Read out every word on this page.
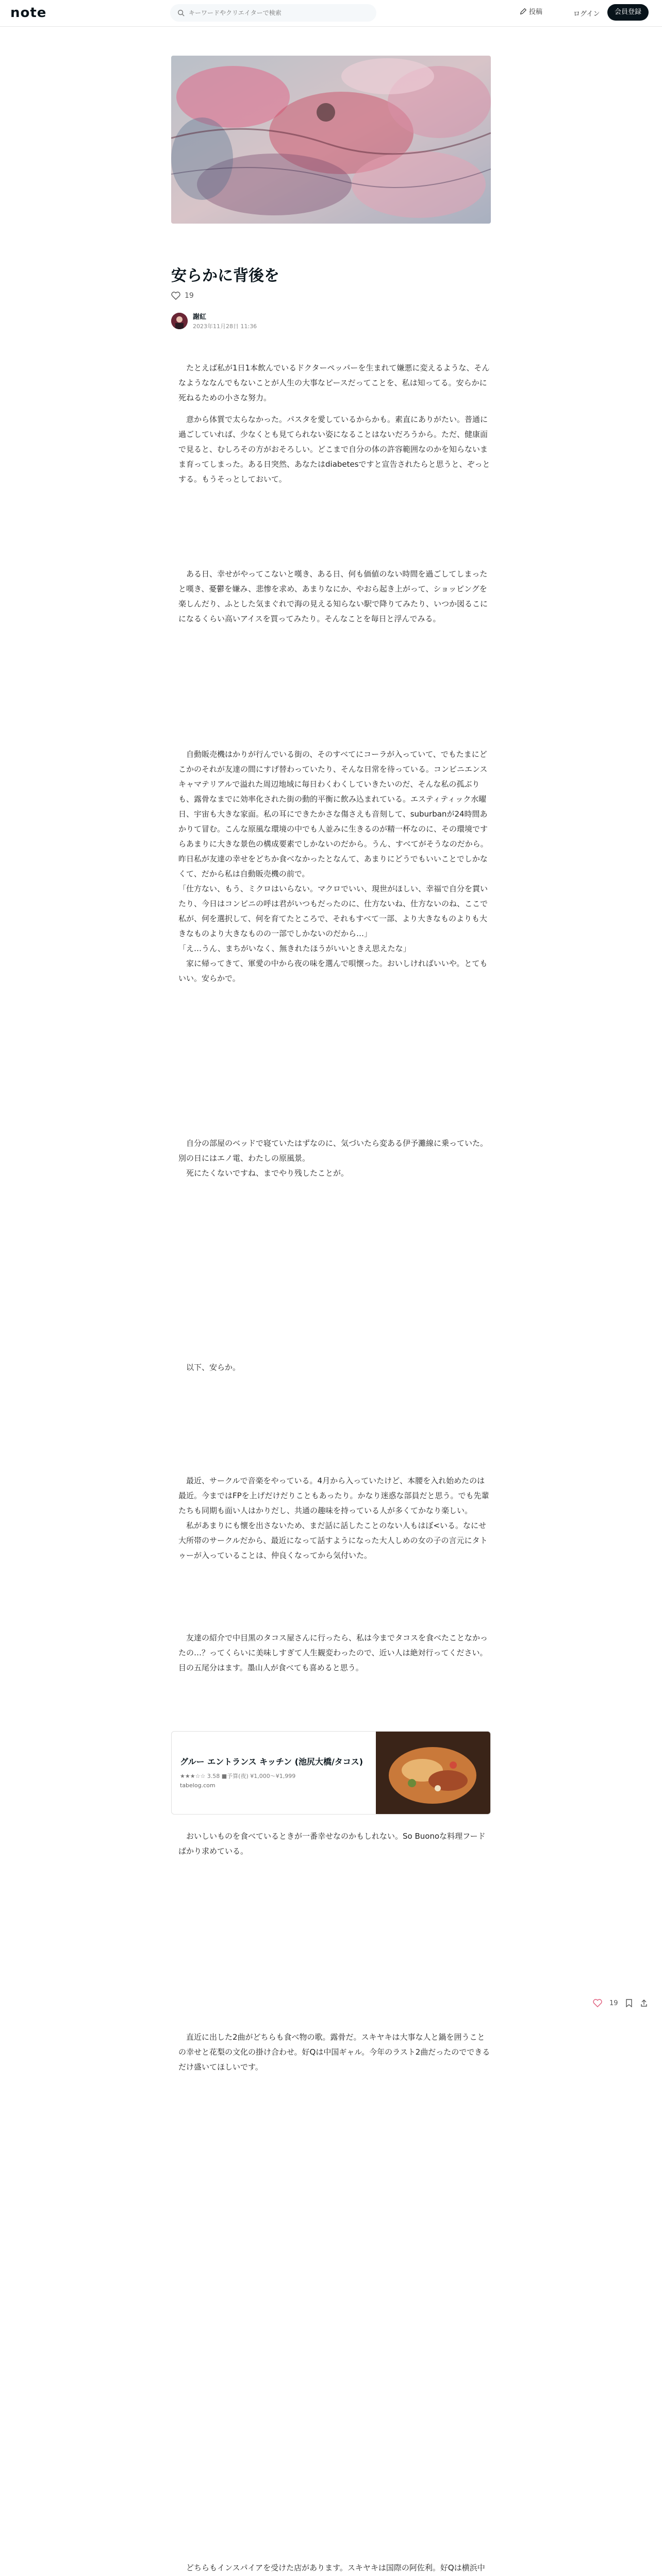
note
キーワードやクリエイターで検索	投稿	ログイン	会員登録
安らかに背後を
19
謝紅
2023年11月28日 11:36
　たとえば私が1日1本飲んでいるドクターペッパーを生まれて嫌悪に変えるような、そんなようななんでもないことが人生の大事なピースだってことを、私は知ってる。安らかに死ねるための小さな努力。
　意から体質で太らなかった。パスタを愛しているからかも。素直にありがたい。普通に過ごしていれば、少なくとも見てられない姿になることはないだろうから。ただ、健康面で見ると、むしろその方がおそろしい。どこまで自分の体の許容範囲なのかを知らないまま育ってしまった。ある日突然、あなたはdiabetesですと宣告されたらと思うと、ぞっとする。もうそっとしておいて。
　ある日、幸せがやってこないと嘆き、ある日、何も価値のない時間を過ごしてしまったと嘆き、憂鬱を嫌み、悲惨を求め、あまりなにか、やおら起き上がって、ショッピングを楽しんだり、ふとした気まぐれで海の見える知らない駅で降りてみたり、いつか図るこにになるくらい高いアイスを買ってみたり。そんなことを毎日と浮んでみる。
　自動販売機はかりが行んでいる街の、そのすべてにコーラが入っていて、でもたまにどこかのそれが友達の間にすげ替わっていたり、そんな日常を待っている。コンビニエンスキャマテリアルで溢れた周辺地域に毎日わくわくしていきたいのだ、そんな私の孤ぶりも、露骨なまでに効率化された街の動的平衡に飲み込まれている。エスティティック水曜日、宇宙も大きな家面。私の耳にできたかさな傷さえも音刻して、suburbanが24時間あかりて冒む。こんな原風な環境の中でも人並みに生きるのが精一杯なのに、その環境ですらあまりに大きな景色の構成要素でしかないのだから。うん、すべてがそうなのだから。昨日私が友達の幸せをどちか食べなかったとなんて、あまりにどうでもいいことでしかなくて、だから私は自動販売機の前で。
「仕方ない、もう、ミクロはいらない。マクロでいい、現世がほしい、幸福で自分を貫いたり、今日はコンビニの呼は君がいつもだったのに、仕方ないね、仕方ないのね、ここで私が、何を選択して、何を育てたところで、それもすべて一部、より大きなものよりも大きなものより大きなものの一部でしかないのだから…」
「え…うん、まちがいなく、無きれたほうがいいときえ思えたな」
　家に帰ってきて、軍愛の中から夜の味を選んで唄懐った。おいしければいいや。とてもいい。安らかで。
　自分の部屋のベッドで寝ていたはずなのに、気づいたら変ある伊予灘線に乗っていた。別の日にはエノ電、わたしの原風景。
　死にたくないですね、までやり残したことが。
　以下、安らか。
　最近、サークルで音楽をやっている。4月から入っていたけど、本腰を入れ始めたのは最近。今まではFPを上げだけだりこともあったり。かなり迷惑な部員だと思う。でも先輩たちも同期も面い人はかりだし、共通の趣味を持っている人が多くてかなり楽しい。
　私があまりにも懐を出さないため、まだ話に話したことのない人もはぼ<いる。なにせ大所帯のサークルだから、最近になって話すようになった大人しめの女の子の言元にタトゥーが入っていることは、仲良くなってから気付いた。
　友達の紹介で中目黒のタコス屋さんに行ったら、私は今までタコスを食べたことなかったの…？ってくらいに美味しすぎて人生観変わったので、近い人は絶対行ってください。目の五尾分はます。墨山人が食べても喜めると思う。
グルー エントランス キッチン (池尻大橋/タコス)
★★★☆☆ 3.58 ■予算(夜) ¥1,000〜¥1,999
tabelog.com
　おいしいものを食べているときが一番幸せなのかもしれない。So Buonoな料理フードばかり求めている。
19
　直近に出した2曲がどちらも食べ物の歌。露骨だ。スキヤキは大事な人と鍋を囲うことの幸せと花梨の文化の掛け合わせ。好Qは中国ギャル。今年のラスト2曲だったのでできるだけ盛いてほしいです。
　どちらもインスパイアを受けた店があります。スキヤキは国際の阿佐利。好Qは横浜中
